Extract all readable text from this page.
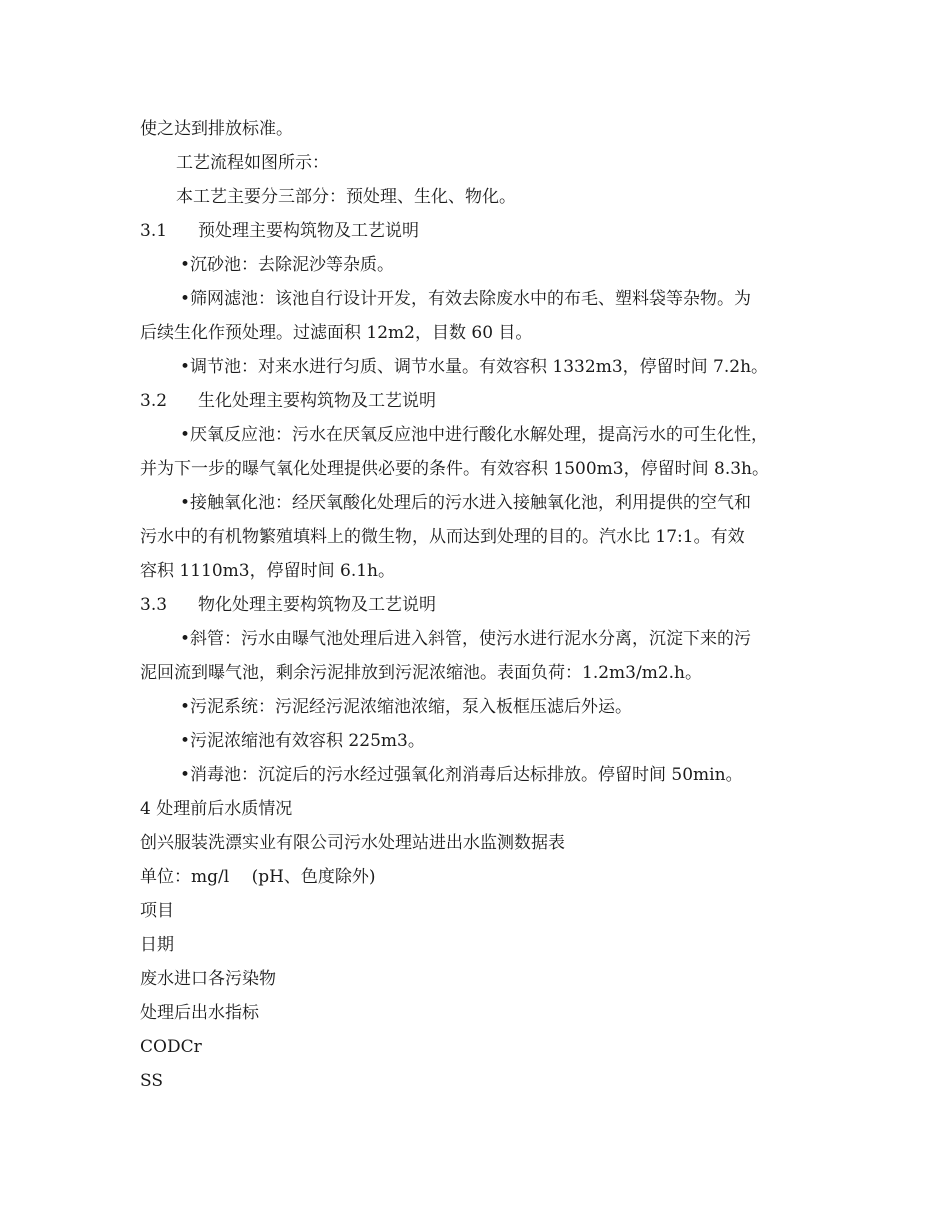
使之达到排放标准。

工艺流程如图所示：

本工艺主要分三部分：预处理、生化、物化。

3.1 预处理主要构筑物及工艺说明

•沉砂池：去除泥沙等杂质。

•筛网滤池：该池自行设计开发，有效去除废水中的布毛、塑料袋等杂物。为

后续生化作预处理。过滤面积 12m2，目数 60 目。

•调节池：对来水进行匀质、调节水量。有效容积 1332m3，停留时间 7.2h。

3.2 生化处理主要构筑物及工艺说明

•厌氧反应池：污水在厌氧反应池中进行酸化水解处理，提高污水的可生化性，

并为下一步的曝气氧化处理提供必要的条件。有效容积 1500m3，停留时间 8.3h。

•接触氧化池：经厌氧酸化处理后的污水进入接触氧化池，利用提供的空气和

污水中的有机物繁殖填料上的微生物，从而达到处理的目的。汽水比 17:1。有效

容积 1110m3，停留时间 6.1h。

3.3 物化处理主要构筑物及工艺说明

•斜管：污水由曝气池处理后进入斜管，使污水进行泥水分离，沉淀下来的污

泥回流到曝气池，剩余污泥排放到污泥浓缩池。表面负荷：1.2m3/m2.h。

•污泥系统：污泥经污泥浓缩池浓缩，泵入板框压滤后外运。

•污泥浓缩池有效容积 225m3。

•消毒池：沉淀后的污水经过强氧化剂消毒后达标排放。停留时间 50min。

4 处理前后水质情况

创兴服装洗漂实业有限公司污水处理站进出水监测数据表

单位：mg/l　 (pH、色度除外)

项目

日期

废水进口各污染物

处理后出水指标

CODCr

SS
